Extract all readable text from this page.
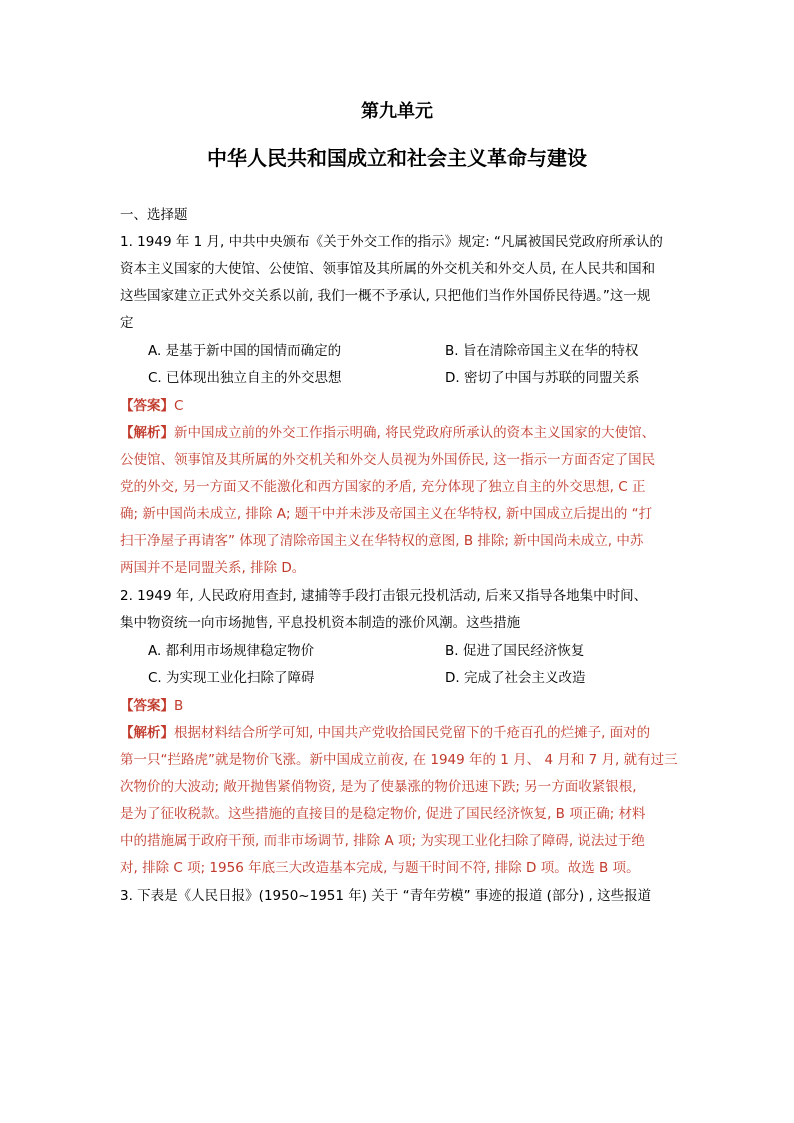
第九单元
中华人民共和国成立和社会主义革命与建设
一、选择题
1. 1949 年 1 月, 中共中央颁布《关于外交工作的指示》规定: “凡属被国民党政府所承认的
资本主义国家的大使馆、公使馆、领事馆及其所属的外交机关和外交人员, 在人民共和国和
这些国家建立正式外交关系以前, 我们一概不予承认, 只把他们当作外国侨民待遇。”这一规
定
A. 是基于新中国的国情而确定的	B. 旨在清除帝国主义在华的特权
C. 已体现出独立自主的外交思想	D. 密切了中国与苏联的同盟关系
【答案】C
【解析】新中国成立前的外交工作指示明确, 将民党政府所承认的资本主义国家的大使馆、
公使馆、领事馆及其所属的外交机关和外交人员视为外国侨民, 这一指示一方面否定了国民
党的外交, 另一方面又不能激化和西方国家的矛盾, 充分体现了独立自主的外交思想, C 正
确; 新中国尚未成立, 排除 A; 题干中并未涉及帝国主义在华特权, 新中国成立后提出的 “打
扫干净屋子再请客” 体现了清除帝国主义在华特权的意图, B 排除; 新中国尚未成立, 中苏
两国并不是同盟关系, 排除 D。
2. 1949 年, 人民政府用查封, 逮捕等手段打击银元投机活动, 后来又指导各地集中时间、
集中物资统一向市场抛售, 平息投机资本制造的涨价风潮。这些措施
A. 都利用市场规律稳定物价	B. 促进了国民经济恢复
C. 为实现工业化扫除了障碍	D. 完成了社会主义改造
【答案】B
【解析】根据材料结合所学可知, 中国共产党收拾国民党留下的千疮百孔的烂摊子, 面对的
第一只“拦路虎”就是物价飞涨。新中国成立前夜, 在 1949 年的 1 月、 4 月和 7 月, 就有过三
次物价的大波动; 敞开抛售紧俏物资, 是为了使暴涨的物价迅速下跌; 另一方面收紧银根,
是为了征收税款。这些措施的直接目的是稳定物价, 促进了国民经济恢复, B 项正确; 材料
中的措施属于政府干预, 而非市场调节, 排除 A 项; 为实现工业化扫除了障碍, 说法过于绝
对, 排除 C 项; 1956 年底三大改造基本完成, 与题干时间不符, 排除 D 项。故选 B 项。
3. 下表是《人民日报》(1950~1951 年) 关于 “青年劳模” 事迹的报道 (部分) , 这些报道
